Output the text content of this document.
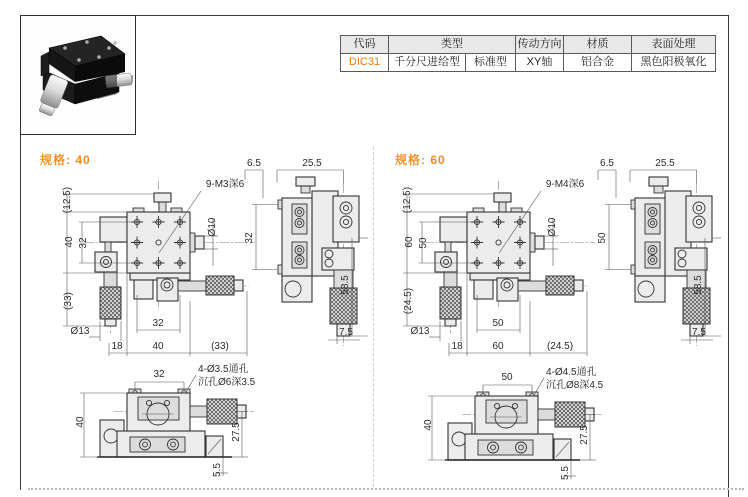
代码	类型		传动方向	材质	表面处理
DIC31	千分尺进给型	标准型	XY轴	铝合金	黑色阳极氧化
规格: 40	规格: 60
(12.5)
40 32
9-M3深6
Ø10
(33)
Ø13
32
18	40	(33)
6.5	25.5
32
58.5
7.5
32	4-Ø3.5通孔
沉孔Ø6深3.5
40
27.5
5.5
(12.5)
60 50
9-M4深6
Ø10
(24.5)
Ø13
50
18	60	(24.5)
6.5	25.5
50
58.5
7.5
50	4-Ø4.5通孔
沉孔Ø8深4.5
40
27.5
5.5
